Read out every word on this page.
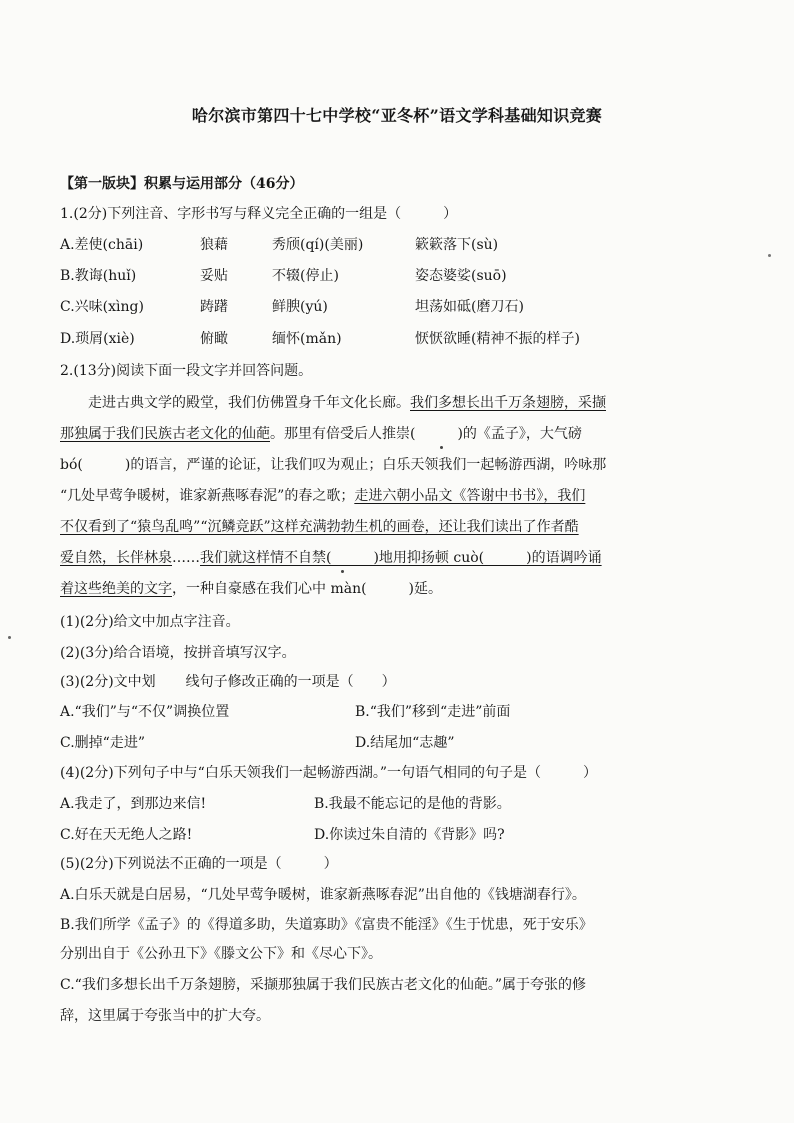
哈尔滨市第四十七中学校“亚冬杯”语文学科基础知识竞赛
【第一版块】积累与运用部分（46分）
1.(2分)下列注音、字形书写与释义完全正确的一组是（　　　）
A.差使(chāi)	狼藉	秀颀(qí)(美丽)	簌簌落下(sù)
B.教诲(huǐ)	妥贴	不辍(停止)	姿态婆娑(suō)
C.兴味(xìng)	踌躇	鲜腴(yú)	坦荡如砥(磨刀石)
D.琐屑(xiè)	俯瞰	缅怀(mǎn)	恹恹欲睡(精神不振的样子)
2.(13分)阅读下面一段文字并回答问题。
走进古典文学的殿堂，我们仿佛置身千年文化长廊。我们多想长出千万条翅膀，采撷
那独属于我们民族古老文化的仙葩。那里有倍受后人推崇(　　　)的《孟子》，大气磅
bó(　　　)的语言，严谨的论证，让我们叹为观止；白乐天领我们一起畅游西湖，吟咏那
“几处早莺争暖树，谁家新燕啄春泥”的春之歌；走进六朝小品文《答谢中书书》，我们
不仅看到了“猿鸟乱鸣”“沉鳞竞跃”这样充满勃勃生机的画卷，还让我们读出了作者酷
爱自然，长伴林泉……我们就这样情不自禁(　　　)地用抑扬顿 cuò(　　　)的语调吟诵
着这些绝美的文字，一种自豪感在我们心中 màn(　　　)延。
(1)(2分)给文中加点字注音。
(2)(3分)给合语境，按拼音填写汉字。
(3)(2分)文中划 线句子修改正确的一项是（　　）
A.“我们”与“不仅”调换位置	B.“我们”移到“走进”前面
C.删掉“走进”	D.结尾加“志趣”
(4)(2分)下列句子中与“白乐天领我们一起畅游西湖。”一句语气相同的句子是（　　　）
A.我走了，到那边来信!	B.我最不能忘记的是他的背影。
C.好在天无绝人之路!	D.你读过朱自清的《背影》吗?
(5)(2分)下列说法不正确的一项是（　　　）
A.白乐天就是白居易，“几处早莺争暖树，谁家新燕啄春泥”出自他的《钱塘湖春行》。
B.我们所学《孟子》的《得道多助，失道寡助》《富贵不能淫》《生于忧患，死于安乐》
分别出自于《公孙丑下》《滕文公下》和《尽心下》。
C.“我们多想长出千万条翅膀，采撷那独属于我们民族古老文化的仙葩。”属于夸张的修
辞，这里属于夸张当中的扩大夸。
